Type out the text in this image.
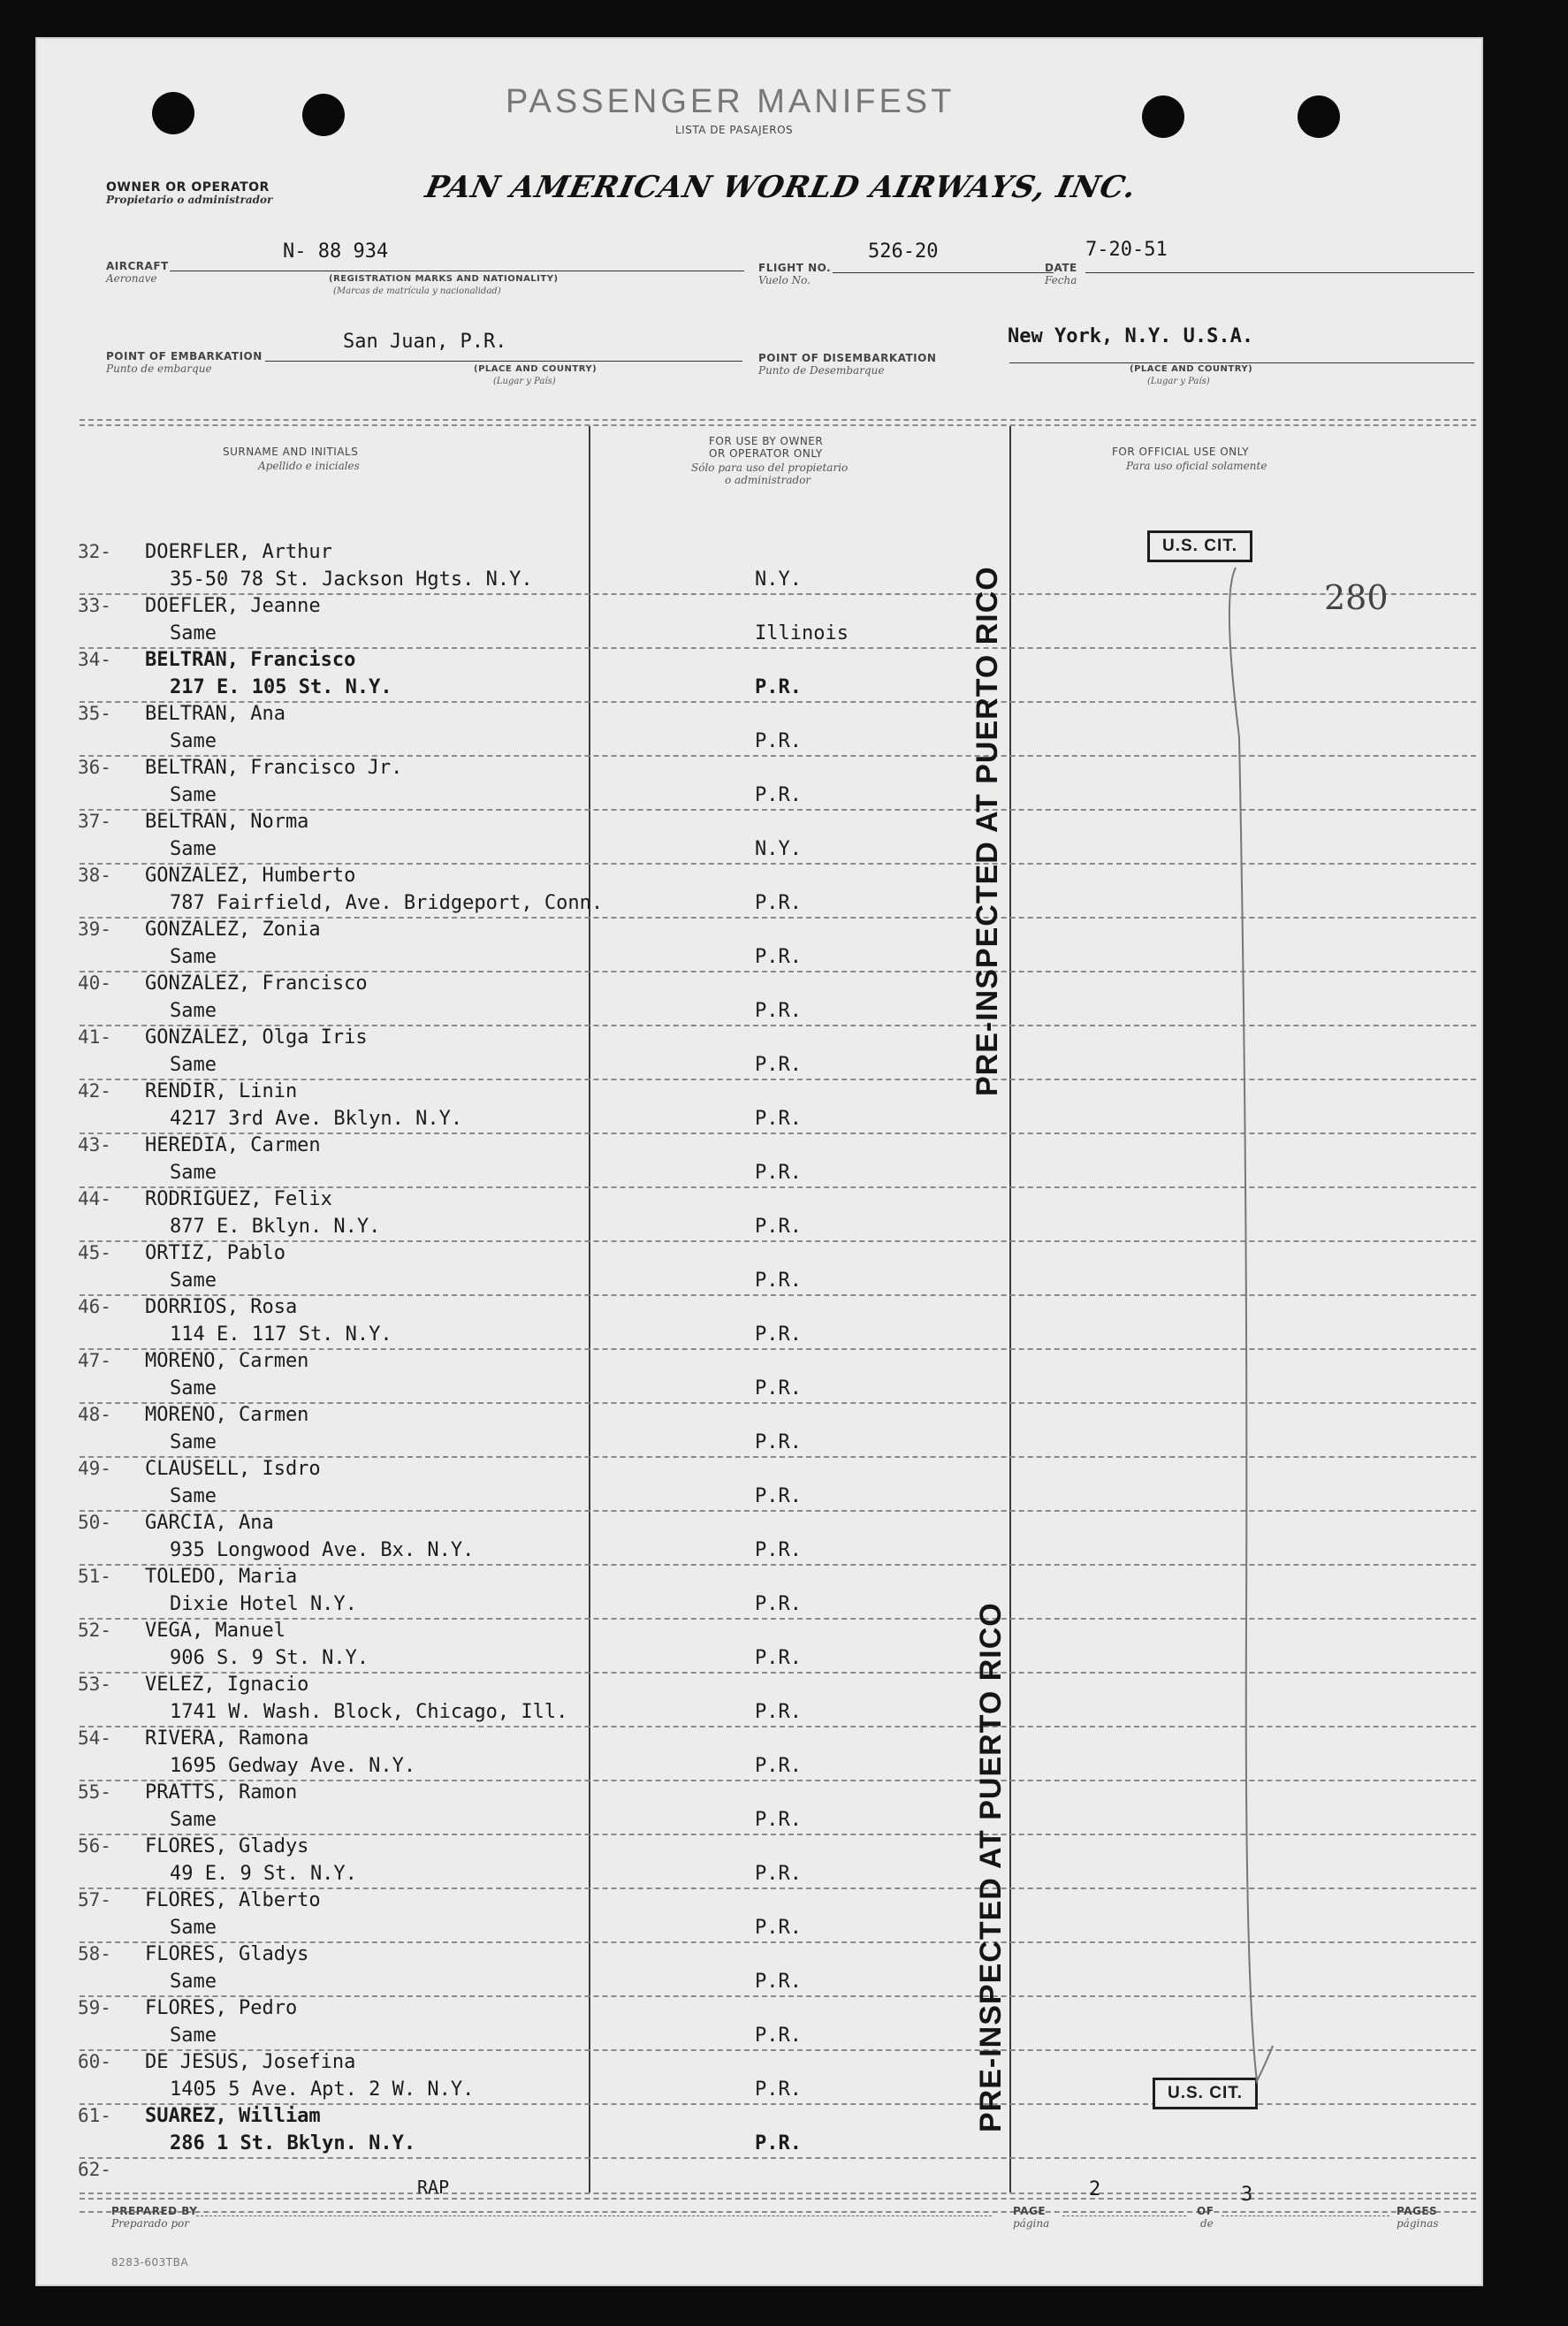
PASSENGER MANIFEST
LISTA DE PASAJEROS
OWNER OR OPERATOR
Propietario o administrador	PAN AMERICAN WORLD AIRWAYS, INC.
AIRCRAFT
Aeronave
N- 88 934
(REGISTRATION MARKS AND NATIONALITY)
(Marcas de matrícula y nacionalidad)
FLIGHT NO.
Vuelo No.
526-20
DATE
Fecha
7-20-51
POINT OF EMBARKATION
Punto de embarque
San Juan, P.R.
(PLACE AND COUNTRY)
(Lugar y País)
POINT OF DISEMBARKATION
Punto de Desembarque
New York, N.Y. U.S.A.
(PLACE AND COUNTRY)
(Lugar y País)
SURNAME AND INITIALS
Apellido e iniciales
FOR USE BY OWNER
OR OPERATOR ONLY
Sólo para uso del propietario
o administrador
FOR OFFICIAL USE ONLY
Para uso oficial solamente
32- DOERFLER, Arthur
35-50 78 St. Jackson Hgts. N.Y.	N.Y.
33- DOEFLER, Jeanne
Same	Illinois
34- BELTRAN, Francisco
217 E. 105 St. N.Y.	P.R.
35- BELTRAN, Ana
Same	P.R.
36- BELTRAN, Francisco Jr.
Same	P.R.
37- BELTRAN, Norma
Same	N.Y.
38- GONZALEZ, Humberto
787 Fairfield, Ave. Bridgeport, Conn.	P.R.
39- GONZALEZ, Zonia
Same	P.R.
40- GONZALEZ, Francisco
Same	P.R.
41- GONZALEZ, Olga Iris
Same	P.R.
42- RENDIR, Linin
4217 3rd Ave. Bklyn. N.Y.	P.R.
43- HEREDIA, Carmen
Same	P.R.
44- RODRIGUEZ, Felix
877 E. Bklyn. N.Y.	P.R.
45- ORTIZ, Pablo
Same	P.R.
46- DORRIOS, Rosa
114 E. 117 St. N.Y.	P.R.
47- MORENO, Carmen
Same	P.R.
48- MORENO, Carmen
Same	P.R.
49- CLAUSELL, Isdro
Same	P.R.
50- GARCIA, Ana
935 Longwood Ave. Bx. N.Y.	P.R.
51- TOLEDO, Maria
Dixie Hotel N.Y.	P.R.
52- VEGA, Manuel
906 S. 9 St. N.Y.	P.R.
53- VELEZ, Ignacio
1741 W. Wash. Block, Chicago, Ill.	P.R.
54- RIVERA, Ramona
1695 Gedway Ave. N.Y.	P.R.
55- PRATTS, Ramon
Same	P.R.
56- FLORES, Gladys
49 E. 9 St. N.Y.	P.R.
57- FLORES, Alberto
Same	P.R.
58- FLORES, Gladys
Same	P.R.
59- FLORES, Pedro
Same	P.R.
60- DE JESUS, Josefina
1405 5 Ave. Apt. 2 W. N.Y.	P.R.
61- SUAREZ, William
286 1 St. Bklyn. N.Y.	P.R.
62-
PRE-INSPECTED AT PUERTO RICO
PRE-INSPECTED AT PUERTO RICO
U.S. CIT.
U.S. CIT.
280
PREPARED BY
Preparado por
RAP
PAGE
página
2
OF
de
3
PAGES
páginas
8283-603TBA
